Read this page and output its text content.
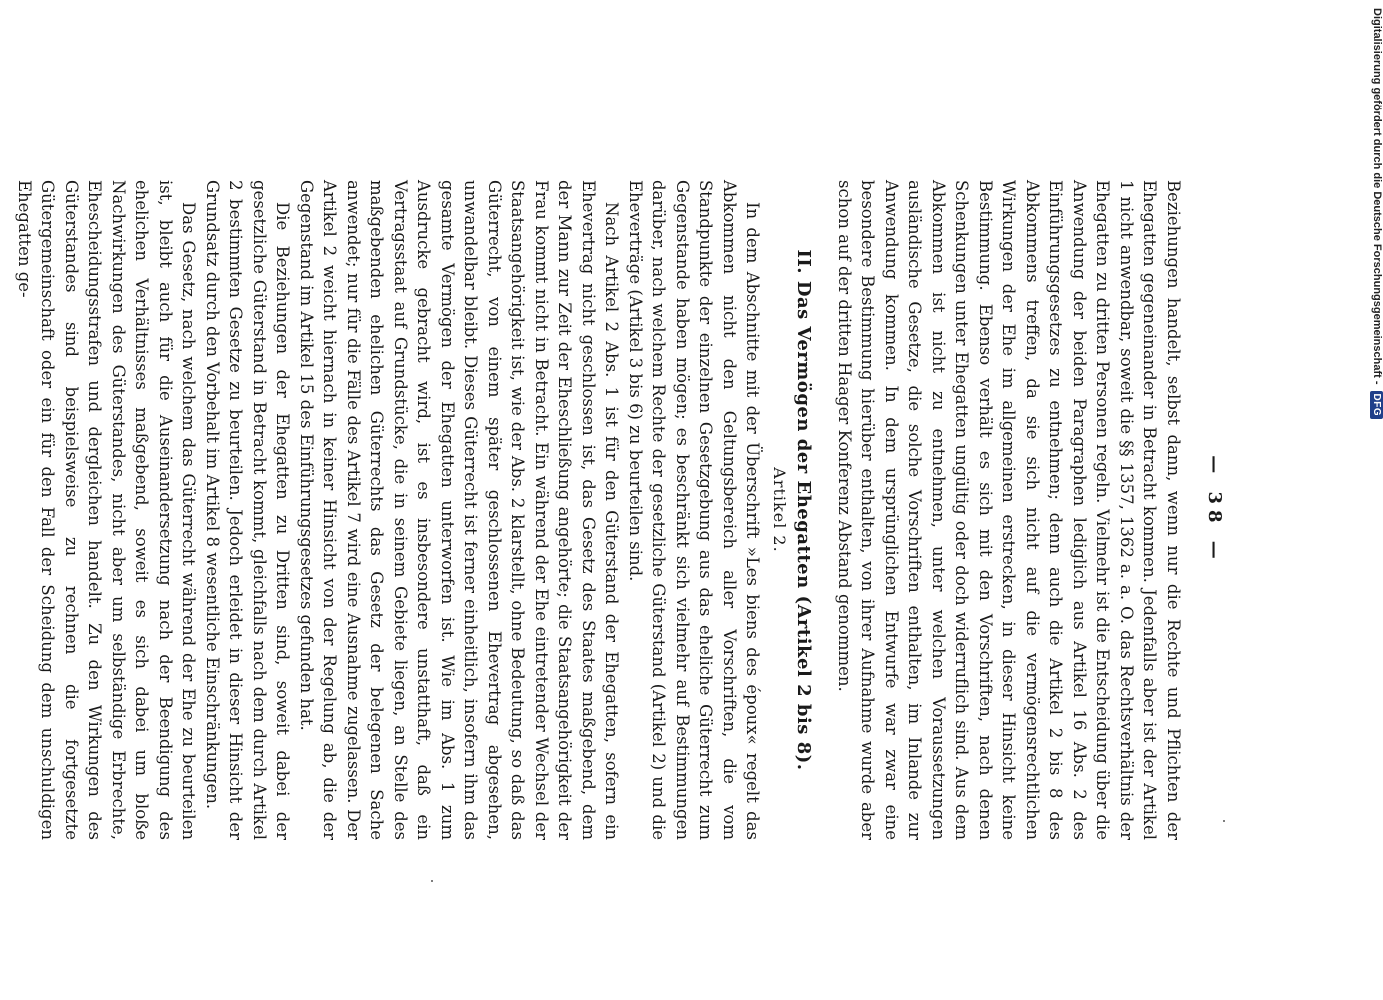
— 38 —

Beziehungen handelt, selbst dann, wenn nur die Rechte und Pflichten der Ehegatten gegeneinander in Betracht kommen. Jedenfalls aber ist der Artikel 1 nicht anwendbar, soweit die §§ 1357, 1362 a. a. O. das Rechtsverhältnis der Ehegatten zu dritten Personen regeln. Vielmehr ist die Entscheidung über die Anwendung der beiden Paragraphen lediglich aus Artikel 16 Abs. 2 des Einführungsgesetzes zu entnehmen; denn auch die Artikel 2 bis 8 des Abkommens treffen, da sie sich nicht auf die vermögensrechtlichen Wirkungen der Ehe im allgemeinen erstrecken, in dieser Hinsicht keine Bestimmung. Ebenso verhält es sich mit den Vorschriften, nach denen Schenkungen unter Ehegatten ungültig oder doch widerruflich sind. Aus dem Abkommen ist nicht zu entnehmen, unter welchen Voraussetzungen ausländische Gesetze, die solche Vorschriften enthalten, im Inlande zur Anwendung kommen. In dem ursprünglichen Entwurfe war zwar eine besondere Bestimmung hierüber enthalten, von ihrer Aufnahme wurde aber schon auf der dritten Haager Konferenz Abstand genommen.

II. Das Vermögen der Ehegatten (Artikel 2 bis 8).
Artikel 2.

In dem Abschnitte mit der Überschrift »Les biens des époux« regelt das Abkommen nicht den Geltungsbereich aller Vorschriften, die vom Standpunkte der einzelnen Gesetzgebung aus das eheliche Güterrecht zum Gegenstande haben mögen; es beschränkt sich vielmehr auf Bestimmungen darüber, nach welchem Rechte der gesetzliche Güterstand (Artikel 2) und die Eheverträge (Artikel 3 bis 6) zu beurteilen sind.

Nach Artikel 2 Abs. 1 ist für den Güterstand der Ehegatten, sofern ein Ehevertrag nicht geschlossen ist, das Gesetz des Staates maßgebend, dem der Mann zur Zeit der Eheschließung angehörte; die Staatsangehörigkeit der Frau kommt nicht in Betracht. Ein während der Ehe eintretender Wechsel der Staatsangehörigkeit ist, wie der Abs. 2 klarstellt, ohne Bedeutung, so daß das Güterrecht, von einem später geschlossenen Ehevertrag abgesehen, unwandelbar bleibt. Dieses Güterrecht ist ferner einheitlich, insofern ihm das gesamte Vermögen der Ehegatten unterworfen ist. Wie im Abs. 1 zum Ausdrucke gebracht wird, ist es insbesondere unstatthaft, daß ein Vertragsstaat auf Grundstücke, die in seinem Gebiete liegen, an Stelle des maßgebenden ehelichen Güterrechts das Gesetz der belegenen Sache anwendet; nur für die Fälle des Artikel 7 wird eine Ausnahme zugelassen. Der Artikel 2 weicht hiernach in keiner Hinsicht von der Regelung ab, die der Gegenstand im Artikel 15 des Einführungsgesetzes gefunden hat.

Die Beziehungen der Ehegatten zu Dritten sind, soweit dabei der gesetzliche Güterstand in Betracht kommt, gleichfalls nach dem durch Artikel 2 bestimmten Gesetze zu beurteilen. Jedoch erleidet in dieser Hinsicht der Grundsatz durch den Vorbehalt im Artikel 8 wesentliche Einschränkungen.

Das Gesetz, nach welchem das Güterrecht während der Ehe zu beurteilen ist, bleibt auch für die Auseinandersetzung nach der Beendigung des ehelichen Verhältnisses maßgebend, soweit es sich dabei um bloße Nachwirkungen des Güterstandes, nicht aber um selbständige Erbrechte, Ehescheidungsstrafen und dergleichen handelt. Zu den Wirkungen des Güterstandes sind beispielsweise zu rechnen die fortgesetzte Gütergemeinschaft oder ein für den Fall der Scheidung dem unschuldigen Ehegatten ge-	Digitalisierung gefördert durch die Deutsche Forschungsgemeinschaft -
DFG
